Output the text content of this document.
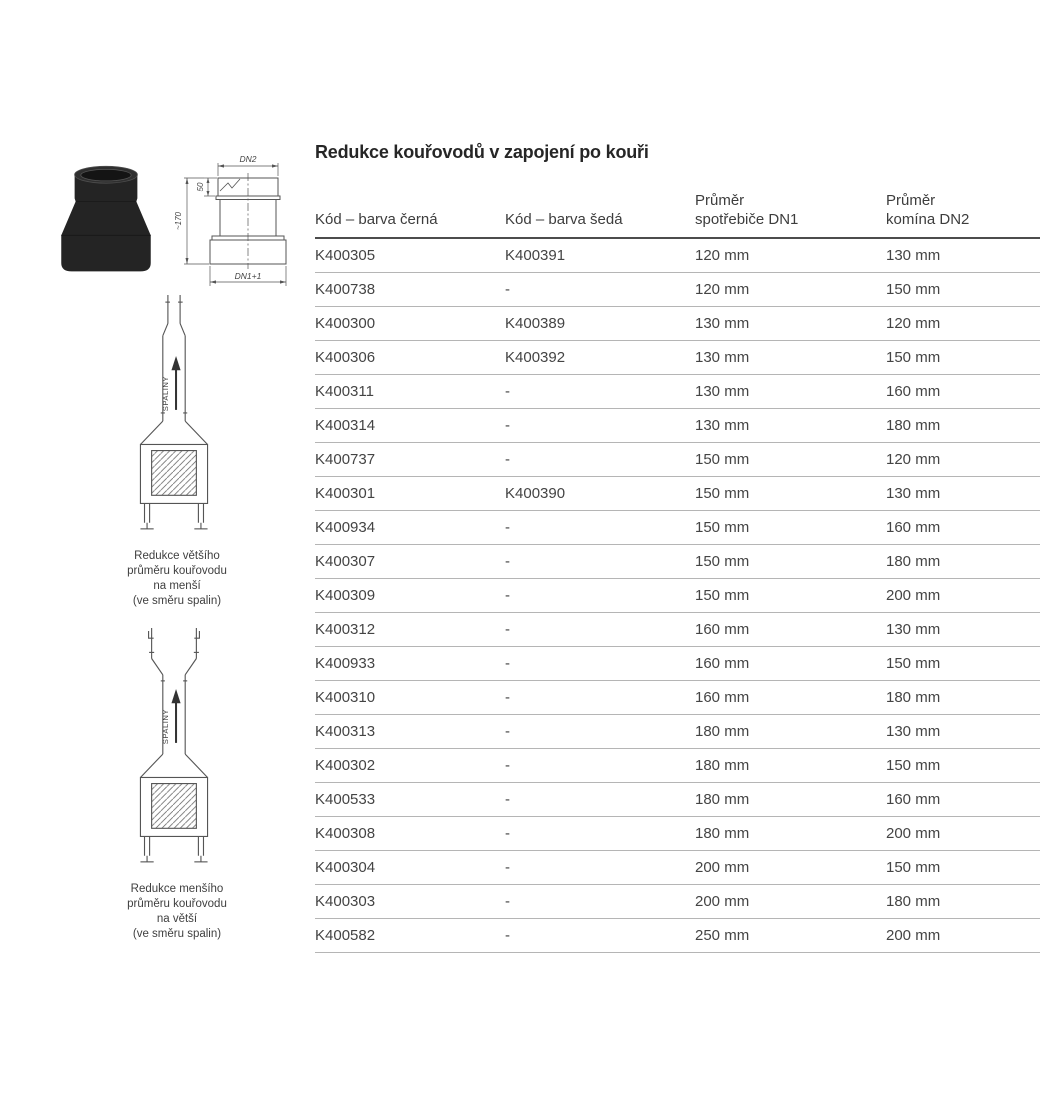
DN2
50
~170
DN1+1
SPALINY
Redukce většího
průměru kouřovodu
na menší
(ve směru spalin)
SPALINY
Redukce menšího
průměru kouřovodu
na větší
(ve směru spalin)
Redukce kouřovodů v zapojení po kouři
Kód – barva černá	Kód – barva šedá
Průměr
spotřebiče DN1
Průměr
komína DN2
K400305	K400391	120 mm	130 mm
K400738	-	120 mm	150 mm
K400300	K400389	130 mm	120 mm
K400306	K400392	130 mm	150 mm
K400311	-	130 mm	160 mm
K400314	-	130 mm	180 mm
K400737	-	150 mm	120 mm
K400301	K400390	150 mm	130 mm
K400934	-	150 mm	160 mm
K400307	-	150 mm	180 mm
K400309	-	150 mm	200 mm
K400312	-	160 mm	130 mm
K400933	-	160 mm	150 mm
K400310	-	160 mm	180 mm
K400313	-	180 mm	130 mm
K400302	-	180 mm	150 mm
K400533	-	180 mm	160 mm
K400308	-	180 mm	200 mm
K400304	-	200 mm	150 mm
K400303	-	200 mm	180 mm
K400582	-	250 mm	200 mm
